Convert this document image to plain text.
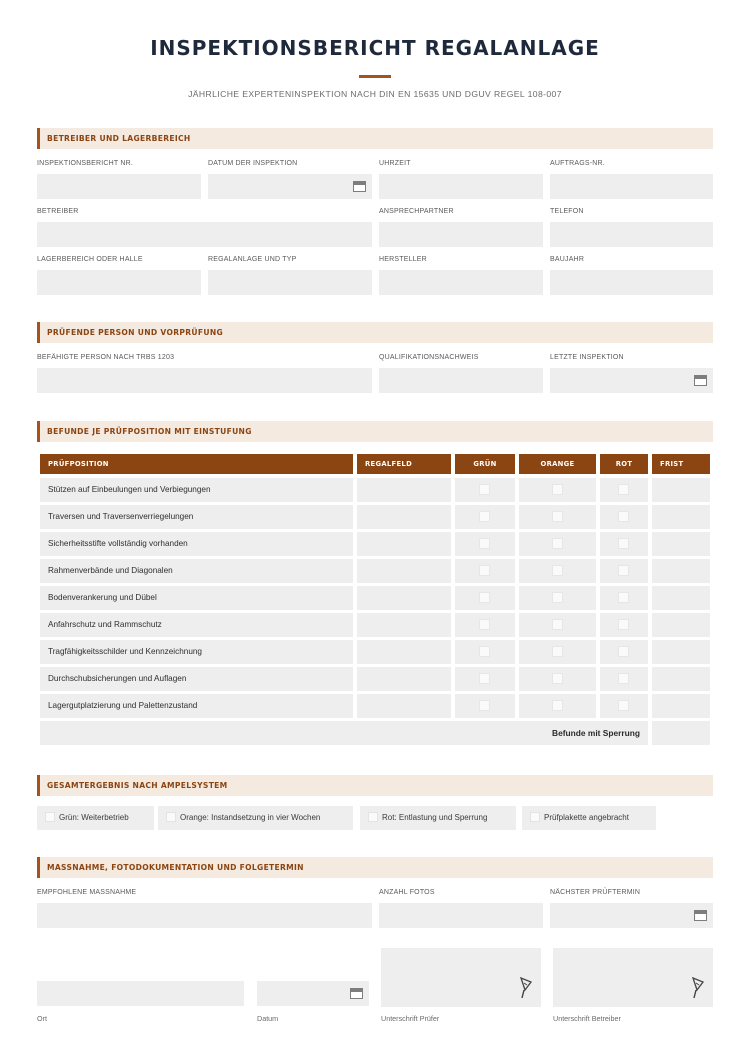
INSPEKTIONSBERICHT REGALANLAGE
JÄHRLICHE EXPERTENINSPEKTION NACH DIN EN 15635 UND DGUV REGEL 108-007
BETREIBER UND LAGERBEREICH
INSPEKTIONSBERICHT NR.	DATUM DER INSPEKTION	UHRZEIT	AUFTRAGS-NR.
BETREIBER	ANSPRECHPARTNER	TELEFON
LAGERBEREICH ODER HALLE	REGALANLAGE UND TYP	HERSTELLER	BAUJAHR
PRÜFENDE PERSON UND VORPRÜFUNG
BEFÄHIGTE PERSON NACH TRBS 1203	QUALIFIKATIONSNACHWEIS	LETZTE INSPEKTION
BEFUNDE JE PRÜFPOSITION MIT EINSTUFUNG
PRÜFPOSITION	REGALFELD	GRÜN	ORANGE	ROT	FRIST
Stützen auf Einbeulungen und Verbiegungen
Traversen und Traversenverriegelungen
Sicherheitsstifte vollständig vorhanden
Rahmenverbände und Diagonalen
Bodenverankerung und Dübel
Anfahrschutz und Rammschutz
Tragfähigkeitsschilder und Kennzeichnung
Durchschubsicherungen und Auflagen
Lagergutplatzierung und Palettenzustand
Befunde mit Sperrung
GESAMTERGEBNIS NACH AMPELSYSTEM
Grün: Weiterbetrieb	Orange: Instandsetzung in vier Wochen	Rot: Entlastung und Sperrung	Prüfplakette angebracht
MASSNAHME, FOTODOKUMENTATION UND FOLGETERMIN
EMPFOHLENE MASSNAHME	ANZAHL FOTOS	NÄCHSTER PRÜFTERMIN
Ort	Datum	Unterschrift Prüfer	Unterschrift Betreiber
